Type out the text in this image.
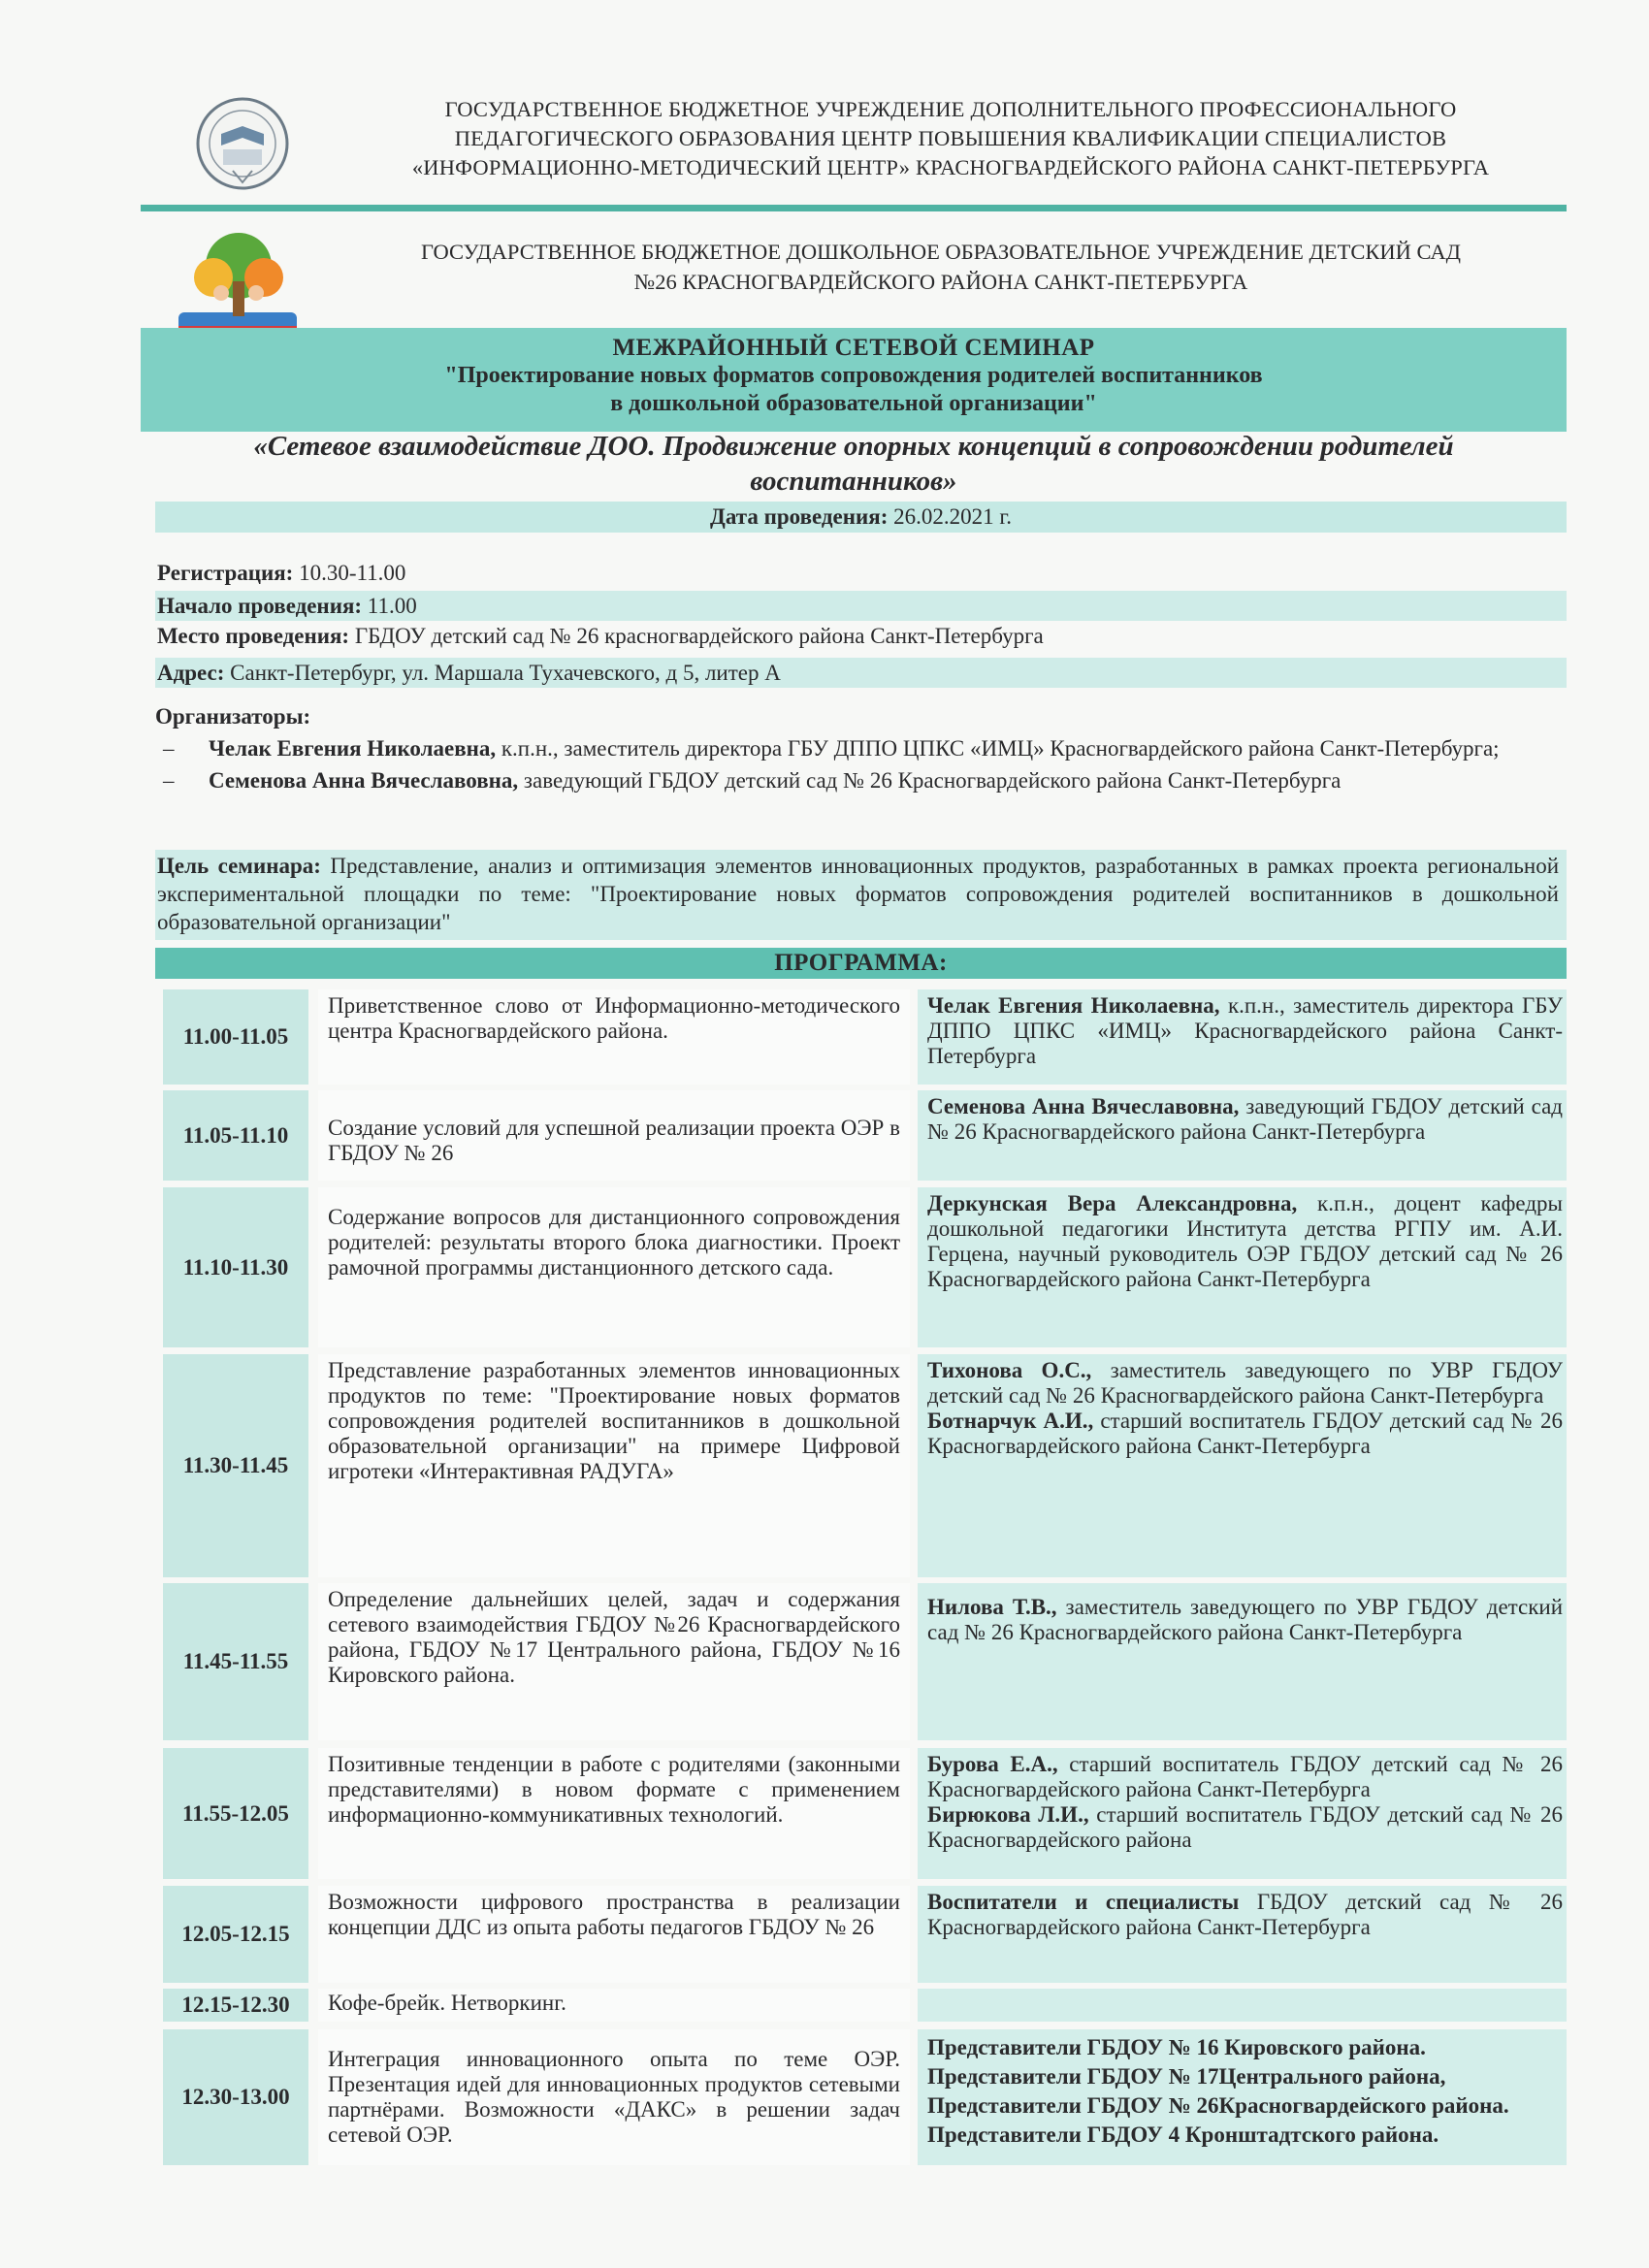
ГОСУДАРСТВЕННОЕ БЮДЖЕТНОЕ УЧРЕЖДЕНИЕ ДОПОЛНИТЕЛЬНОГО ПРОФЕССИОНАЛЬНОГО
ПЕДАГОГИЧЕСКОГО ОБРАЗОВАНИЯ ЦЕНТР ПОВЫШЕНИЯ КВАЛИФИКАЦИИ СПЕЦИАЛИСТОВ
«ИНФОРМАЦИОННО-МЕТОДИЧЕСКИЙ ЦЕНТР» КРАСНОГВАРДЕЙСКОГО РАЙОНА САНКТ-ПЕТЕРБУРГА
ГОСУДАРСТВЕННОЕ БЮДЖЕТНОЕ ДОШКОЛЬНОЕ ОБРАЗОВАТЕЛЬНОЕ УЧРЕЖДЕНИЕ ДЕТСКИЙ САД
№26 КРАСНОГВАРДЕЙСКОГО РАЙОНА САНКТ-ПЕТЕРБУРГА
МЕЖРАЙОННЫЙ СЕТЕВОЙ СЕМИНАР
"Проектирование новых форматов сопровождения родителей воспитанников
в дошкольной образовательной организации"
«Сетевое взаимодействие ДОО. Продвижение опорных концепций в сопровождении родителей
воспитанников»
Дата проведения: 26.02.2021 г.
Регистрация: 10.30-11.00
Начало проведения: 11.00
Место проведения: ГБДОУ детский сад № 26 красногвардейского района Санкт-Петербурга
Адрес: Санкт-Петербург, ул. Маршала Тухачевского, д 5, литер А
Организаторы:
– Челак Евгения Николаевна, к.п.н., заместитель директора ГБУ ДППО ЦПКС «ИМЦ» Красногвардейского района Санкт-Петербурга;
– Семенова Анна Вячеславовна, заведующий ГБДОУ детский сад № 26 Красногвардейского района Санкт-Петербурга
Цель семинара: Представление, анализ и оптимизация элементов инновационных продуктов, разработанных в рамках проекта региональной экспериментальной площадки по теме: "Проектирование новых форматов сопровождения родителей воспитанников в дошкольной образовательной организации"
ПРОГРАММА:
11.00-11.05
Приветственное слово от Информационно-методического центра Красногвардейского района.

Челак Евгения Николаевна, к.п.н., заместитель директора ГБУ ДППО ЦПКС «ИМЦ» Красногвардейского района Санкт-Петербурга

11.05-11.10	Создание условий для успешной реализации проекта ОЭР в ГБДОУ № 26

Семенова Анна Вячеславовна, заведующий ГБДОУ детский сад № 26 Красногвардейского района Санкт-Петербурга

11.10-11.30
Содержание вопросов для дистанционного сопровождения родителей: результаты второго блока диагностики. Проект рамочной программы дистанционного детского сада.

Деркунская Вера Александровна, к.п.н., доцент кафедры дошкольной педагогики Института детства РГПУ им. А.И. Герцена, научный руководитель ОЭР ГБДОУ детский сад № 26 Красногвардейского района Санкт-Петербурга

11.30-11.45
Представление разработанных элементов инновационных продуктов по теме: "Проектирование новых форматов сопровождения родителей воспитанников в дошкольной образовательной организации" на примере Цифровой игротеки «Интерактивная РАДУГА»

Тихонова О.С., заместитель заведующего по УВР ГБДОУ детский сад № 26 Красногвардейского района Санкт-Петербурга

Ботнарчук А.И., старший воспитатель ГБДОУ детский сад № 26 Красногвардейского района Санкт-Петербурга

11.45-11.55
Определение дальнейших целей, задач и содержания сетевого взаимодействия ГБДОУ №26 Красногвардейского района, ГБДОУ №17 Центрального района, ГБДОУ №16 Кировского района.

Нилова Т.В., заместитель заведующего по УВР ГБДОУ детский сад № 26 Красногвардейского района Санкт-Петербурга

11.55-12.05
Позитивные тенденции в работе с родителями (законными представителями) в новом формате с применением информационно-коммуникативных технологий.

Бурова Е.А., старший воспитатель ГБДОУ детский сад № 26 Красногвардейского района Санкт-Петербурга

Бирюкова Л.И., старший воспитатель ГБДОУ детский сад № 26 Красногвардейского района

12.05-12.15
Возможности цифрового пространства в реализации концепции ДДС из опыта работы педагогов ГБДОУ № 26

Воспитатели и специалисты ГБДОУ детский сад № 26 Красногвардейского района Санкт-Петербурга

12.15-12.30	Кофе-брейк. Нетворкинг.
12.30-13.00
Интеграция инновационного опыта по теме ОЭР. Презентация идей для инновационных продуктов сетевыми партнёрами. Возможности «ДАКС» в решении задач сетевой ОЭР.

Представители ГБДОУ № 16 Кировского района.

Представители ГБДОУ № 17Центрального района,

Представители ГБДОУ № 26Красногвардейского района.

Представители ГБДОУ 4 Кронштадтского района.
